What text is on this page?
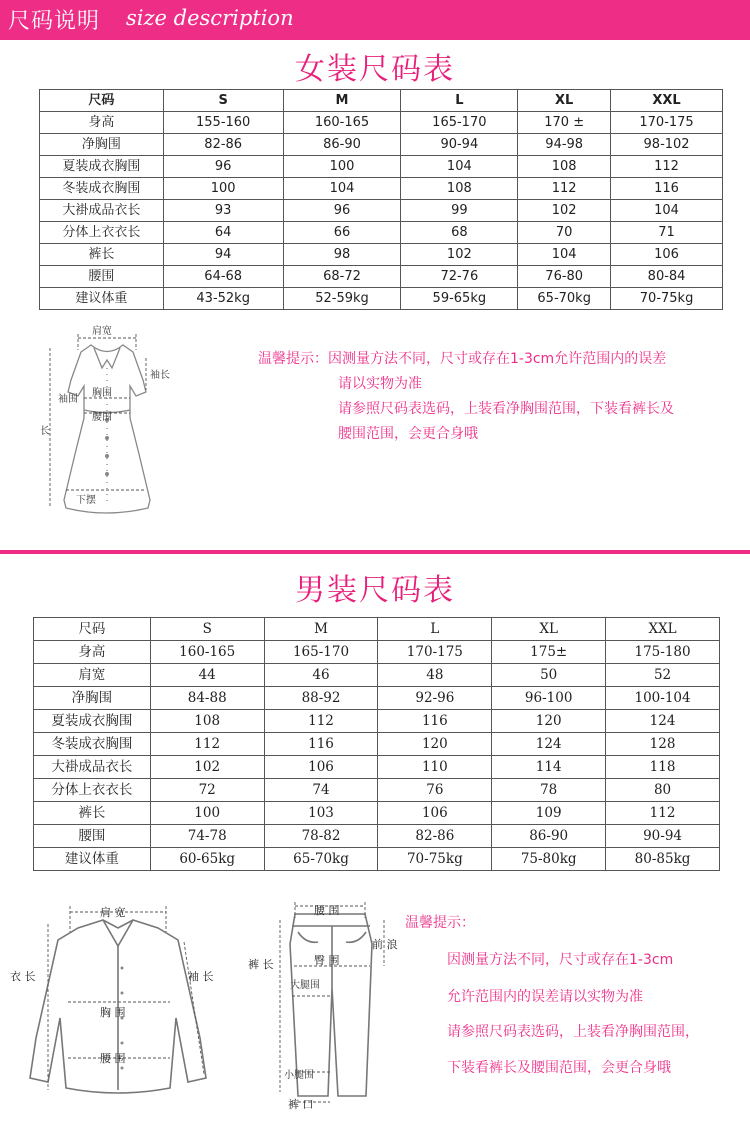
尺码说明 size description
女装尺码表
尺码	S	M	L	XL	XXL
身高	155-160	160-165	165-170	170 ±	170-175
净胸围	82-86	86-90	90-94	94-98	98-102
夏装成衣胸围	96	100	104	108	112
冬装成衣胸围	100	104	108	112	116
大褂成品衣长	93	96	99	102	104
分体上衣衣长	64	66	68	70	71
裤长	94	98	102	104	106
腰围	64-68	68-72	72-76	76-80	80-84
建议体重	43-52kg	52-59kg	59-65kg	65-70kg	70-75kg
肩宽
袖长
胸围
腰围
袖围
长
下摆
温馨提示：因测量方法不同，尺寸或存在1-3cm允许范围内的误差
请以实物为准
请参照尺码表选码，上装看净胸围范围，下装看裤长及
腰围范围，会更合身哦
男装尺码表
尺码	S	M	L	XL	XXL
身高	160-165	165-170	170-175	175±	175-180
肩宽	44	46	48	50	52
净胸围	84-88	88-92	92-96	96-100	100-104
夏装成衣胸围	108	112	116	120	124
冬装成衣胸围	112	116	120	124	128
大褂成品衣长	102	106	110	114	118
分体上衣衣长	72	74	76	78	80
裤长	100	103	106	109	112
腰围	74-78	78-82	82-86	86-90	90-94
建议体重	60-65kg	65-70kg	70-75kg	75-80kg	80-85kg
肩 宽
衣 长	袖 长
胸 围
腰 围
腰 围
裤 长
前 浪
臀 围
大腿围
小腿围
裤 口
温馨提示：
因测量方法不同，尺寸或存在1-3cm
允许范围内的误差请以实物为准
请参照尺码表选码，上装看净胸围范围，
下装看裤长及腰围范围，会更合身哦
